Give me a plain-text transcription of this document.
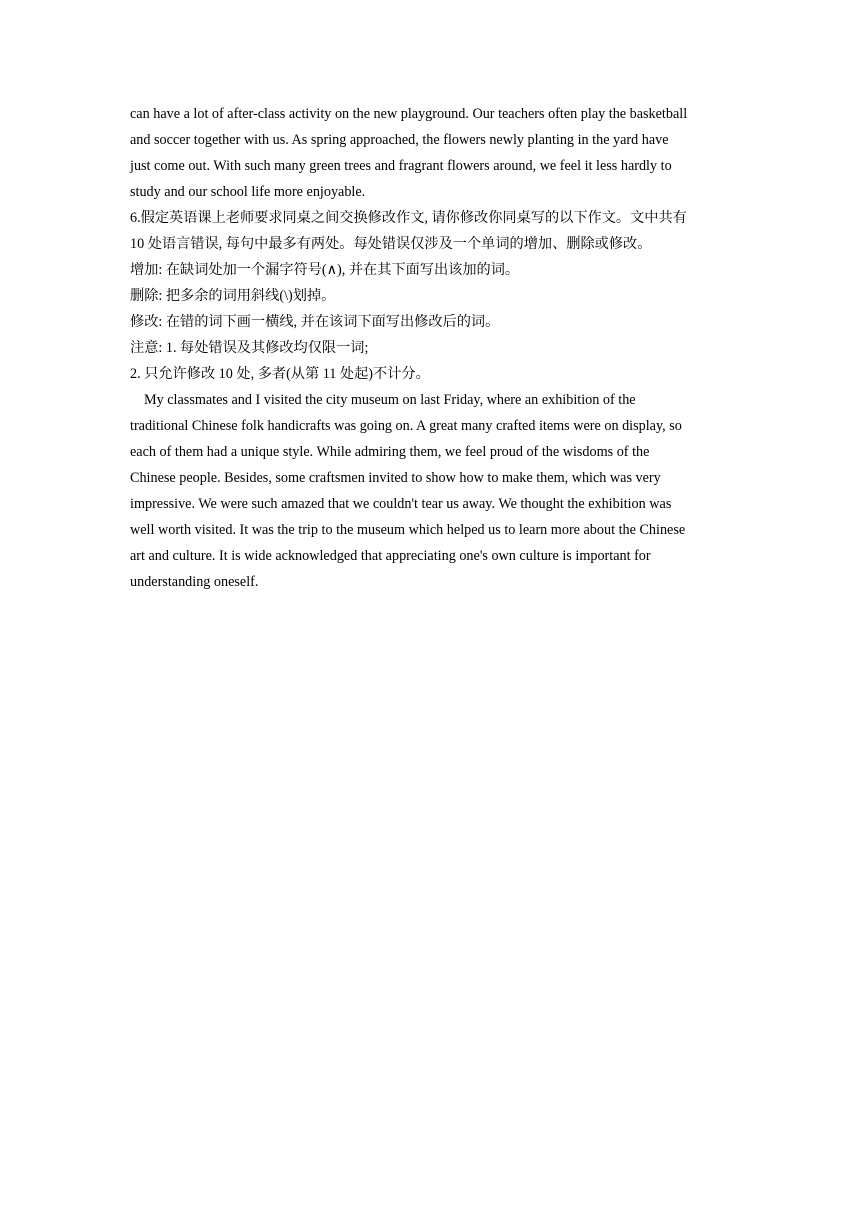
can have a lot of after-class activity on the new playground. Our teachers often play the basketball
and soccer together with us. As spring approached, the flowers newly planting in the yard have
just come out. With such many green trees and fragrant flowers around, we feel it less hardly to
study and our school life more enjoyable.
6.假定英语课上老师要求同桌之间交换修改作文, 请你修改你同桌写的以下作文。文中共有
10 处语言错误, 每句中最多有两处。每处错误仅涉及一个单词的增加、删除或修改。
增加: 在缺词处加一个漏字符号(∧), 并在其下面写出该加的词。
删除: 把多余的词用斜线(\)划掉。
修改: 在错的词下画一横线, 并在该词下面写出修改后的词。
注意: 1. 每处错误及其修改均仅限一词;
2. 只允许修改 10 处, 多者(从第 11 处起)不计分。
My classmates and I visited the city museum on last Friday, where an exhibition of the
traditional Chinese folk handicrafts was going on. A great many crafted items were on display, so
each of them had a unique style. While admiring them, we feel proud of the wisdoms of the
Chinese people. Besides, some craftsmen invited to show how to make them, which was very
impressive. We were such amazed that we couldn't tear us away. We thought the exhibition was
well worth visited. It was the trip to the museum which helped us to learn more about the Chinese
art and culture. It is wide acknowledged that appreciating one's own culture is important for
understanding oneself.
